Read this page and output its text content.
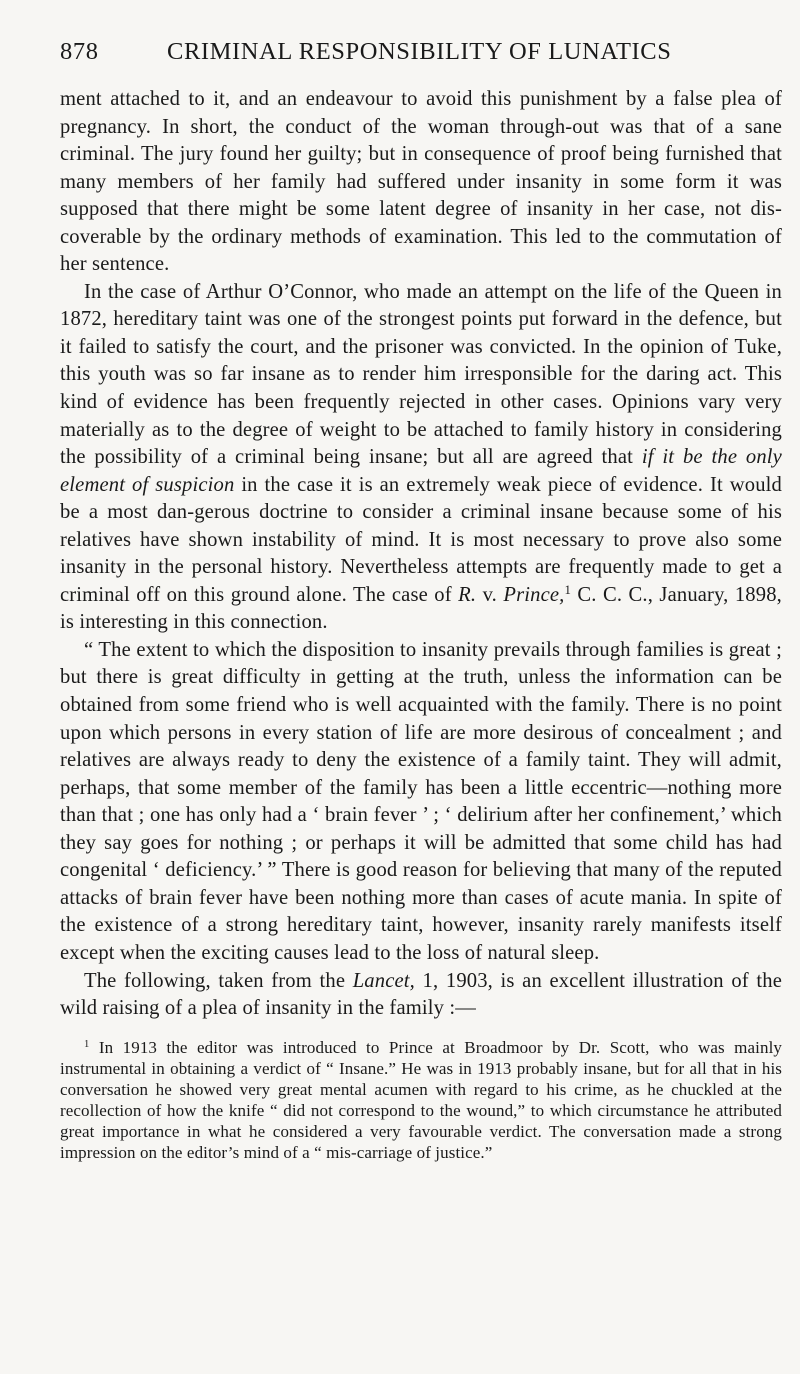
878	CRIMINAL RESPONSIBILITY OF LUNATICS

ment attached to it, and an endeavour to avoid this punishment by a false plea of pregnancy. In short, the conduct of the woman through-out was that of a sane criminal. The jury found her guilty; but in consequence of proof being furnished that many members of her family had suffered under insanity in some form it was supposed that there might be some latent degree of insanity in her case, not dis-coverable by the ordinary methods of examination. This led to the commutation of her sentence.

In the case of Arthur O’Connor, who made an attempt on the life of the Queen in 1872, hereditary taint was one of the strongest points put forward in the defence, but it failed to satisfy the court, and the prisoner was convicted. In the opinion of Tuke, this youth was so far insane as to render him irresponsible for the daring act. This kind of evidence has been frequently rejected in other cases. Opinions vary very materially as to the degree of weight to be attached to family history in considering the possibility of a criminal being insane; but all are agreed that if it be the only element of suspicion in the case it is an extremely weak piece of evidence. It would be a most dan-gerous doctrine to consider a criminal insane because some of his relatives have shown instability of mind. It is most necessary to prove also some insanity in the personal history. Nevertheless attempts are frequently made to get a criminal off on this ground alone. The case of R. v. Prince,$^1$ C. C. C., January, 1898, is interesting in this connection.

“ The extent to which the disposition to insanity prevails through families is great ; but there is great difficulty in getting at the truth, unless the information can be obtained from some friend who is well acquainted with the family. There is no point upon which persons in every station of life are more desirous of concealment ; and relatives are always ready to deny the existence of a family taint. They will admit, perhaps, that some member of the family has been a little eccentric—nothing more than that ; one has only had a ‘ brain fever ’ ; ‘ delirium after her confinement,’ which they say goes for nothing ; or perhaps it will be admitted that some child has had congenital ‘ deficiency.’ ” There is good reason for believing that many of the reputed attacks of brain fever have been nothing more than cases of acute mania. In spite of the existence of a strong hereditary taint, however, insanity rarely manifests itself except when the exciting causes lead to the loss of natural sleep.

The following, taken from the Lancet, 1, 1903, is an excellent illustration of the wild raising of a plea of insanity in the family :—

$^1$ In 1913 the editor was introduced to Prince at Broadmoor by Dr. Scott, who was mainly instrumental in obtaining a verdict of “ Insane.” He was in 1913 probably insane, but for all that in his conversation he showed very great mental acumen with regard to his crime, as he chuckled at the recollection of how the knife “ did not correspond to the wound,” to which circumstance he attributed great importance in what he considered a very favourable verdict. The conversation made a strong impression on the editor’s mind of a “ mis-carriage of justice.”
